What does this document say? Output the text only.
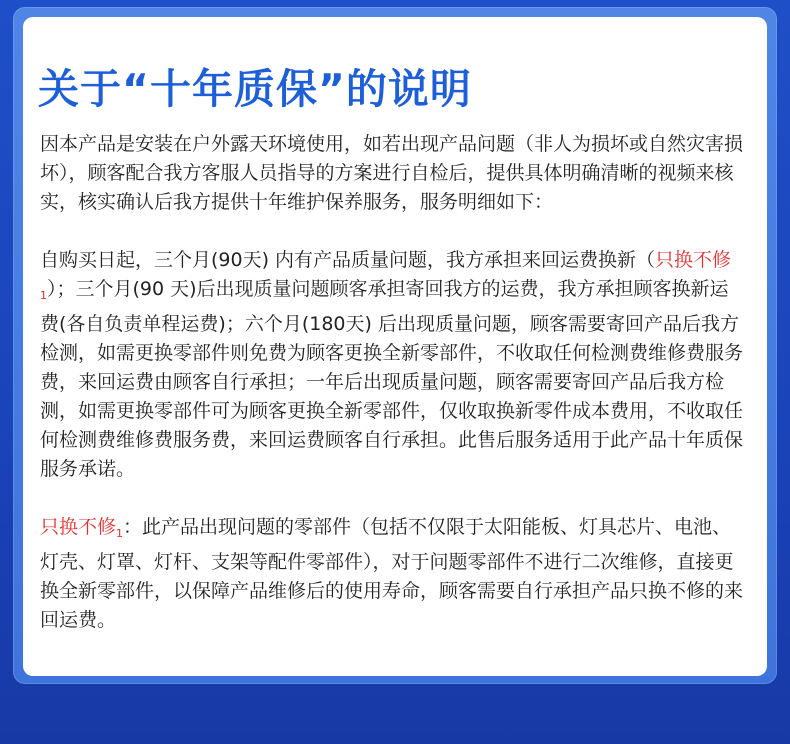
关于“十年质保”的说明

因本产品是安装在户外露天环境使用，如若出现产品问题（非人为损坏或自然灾害损坏），顾客配合我方客服人员指导的方案进行自检后，提供具体明确清晰的视频来核实，核实确认后我方提供十年维护保养服务，服务明细如下：

自购买日起，三个月(90天) 内有产品质量问题，我方承担来回运费换新（只换不修$_1$）；三个月(90 天)后出现质量问题顾客承担寄回我方的运费，我方承担顾客换新运费(各自负责单程运费)；六个月(180天) 后出现质量问题，顾客需要寄回产品后我方检测，如需更换零部件则免费为顾客更换全新零部件，不收取任何检测费维修费服务费，来回运费由顾客自行承担；一年后出现质量问题，顾客需要寄回产品后我方检测，如需更换零部件可为顾客更换全新零部件，仅收取换新零件成本费用，不收取任何检测费维修费服务费，来回运费顾客自行承担。此售后服务适用于此产品十年质保服务承诺。

只换不修$_1$：此产品出现问题的零部件（包括不仅限于太阳能板、灯具芯片、电池、灯壳、灯罩、灯杆、支架等配件零部件），对于问题零部件不进行二次维修，直接更换全新零部件，以保障产品维修后的使用寿命，顾客需要自行承担产品只换不修的来回运费。
